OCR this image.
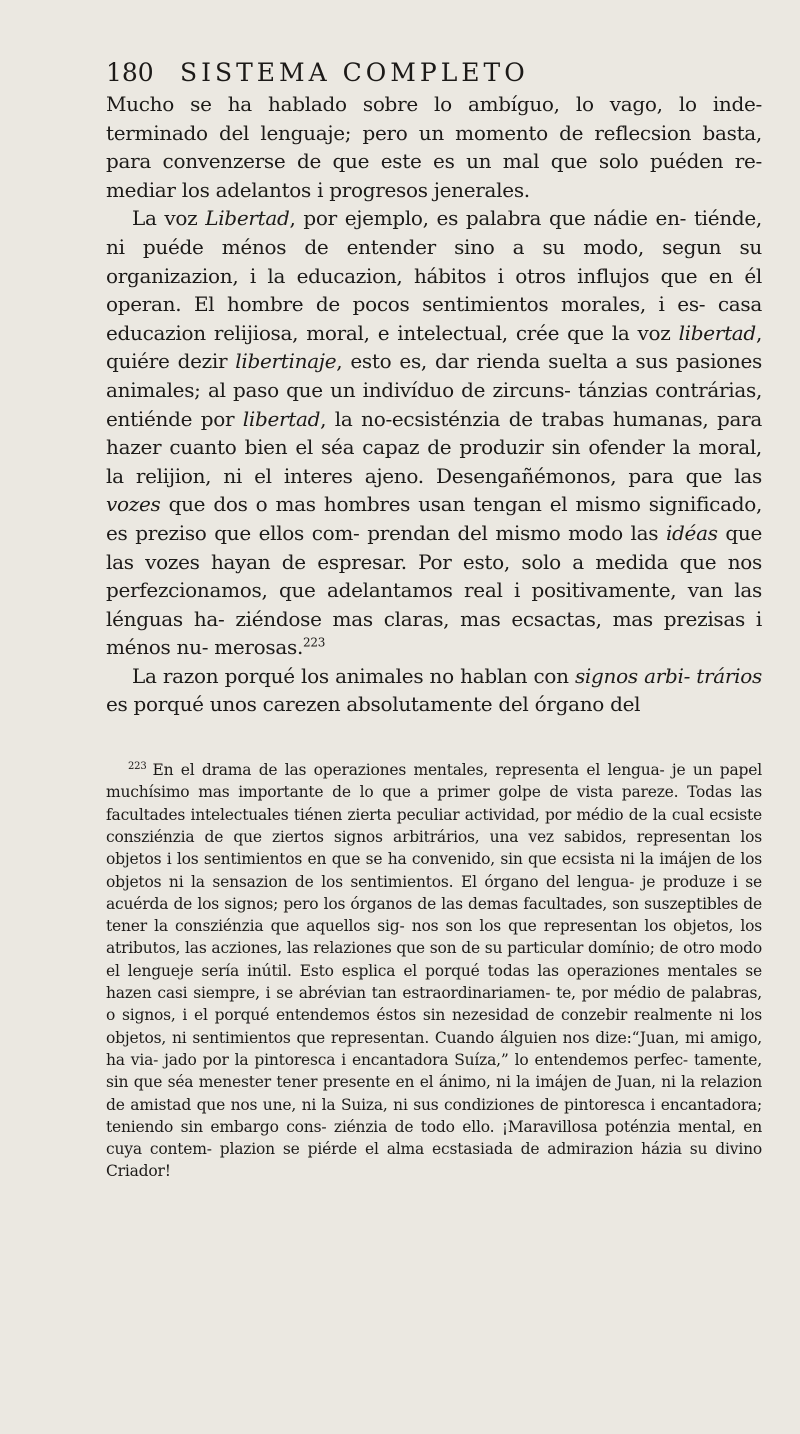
180	SISTEMA COMPLETO

Mucho se ha hablado sobre lo ambíguo, lo vago, lo inde- terminado del lenguaje; pero un momento de reflecsion basta, para convenzerse de que este es un mal que solo puéden re- mediar los adelantos i progresos jenerales.

La voz Libertad, por ejemplo, es palabra que nádie en- tiénde, ni puéde ménos de entender sino a su modo, segun su organizazion, i la educazion, hábitos i otros influjos que en él operan. El hombre de pocos sentimientos morales, i es- casa educazion relijiosa, moral, e intelectual, crée que la voz libertad, quiére dezir libertinaje, esto es, dar rienda suelta a sus pasiones animales; al paso que un indivíduo de zircuns- tánzias contrárias, entiénde por libertad, la no-ecsisténzia de trabas humanas, para hazer cuanto bien el séa capaz de produzir sin ofender la moral, la relijion, ni el interes ajeno. Desengañémonos, para que las vozes que dos o mas hombres usan tengan el mismo significado, es preziso que ellos com- prendan del mismo modo las idéas que las vozes hayan de espresar. Por esto, solo a medida que nos perfezcionamos, que adelantamos real i positivamente, van las lénguas ha- ziéndose mas claras, mas ecsactas, mas prezisas i ménos nu- merosas.$^{223}$

La razon porqué los animales no hablan con signos arbi- trários es porqué unos carezen absolutamente del órgano del

$^{223}$ En el drama de las operaziones mentales, representa el lengua- je un papel muchísimo mas importante de lo que a primer golpe de vista pareze. Todas las facultades intelectuales tiénen zierta peculiar actividad, por médio de la cual ecsiste consziénzia de que ziertos signos arbitrários, una vez sabidos, representan los objetos i los sentimientos en que se ha convenido, sin que ecsista ni la imájen de los objetos ni la sensazion de los sentimientos. El órgano del lengua- je produze i se acuérda de los signos; pero los órganos de las demas facultades, son suszeptibles de tener la consziénzia que aquellos sig- nos son los que representan los objetos, los atributos, las acziones, las relaziones que son de su particular domínio; de otro modo el lengueje sería inútil. Esto esplica el porqué todas las operaziones mentales se hazen casi siempre, i se abrévian tan estraordinariamen- te, por médio de palabras, o signos, i el porqué entendemos éstos sin nezesidad de conzebir realmente ni los objetos, ni sentimientos que representan. Cuando álguien nos dize:“Juan, mi amigo, ha via- jado por la pintoresca i encantadora Suíza,” lo entendemos perfec- tamente, sin que séa menester tener presente en el ánimo, ni la imájen de Juan, ni la relazion de amistad que nos une, ni la Suiza, ni sus condiziones de pintoresca i encantadora; teniendo sin embargo cons- ziénzia de todo ello. ¡Maravillosa poténzia mental, en cuya contem- plazion se piérde el alma ecstasiada de admirazion házia su divino Criador!
